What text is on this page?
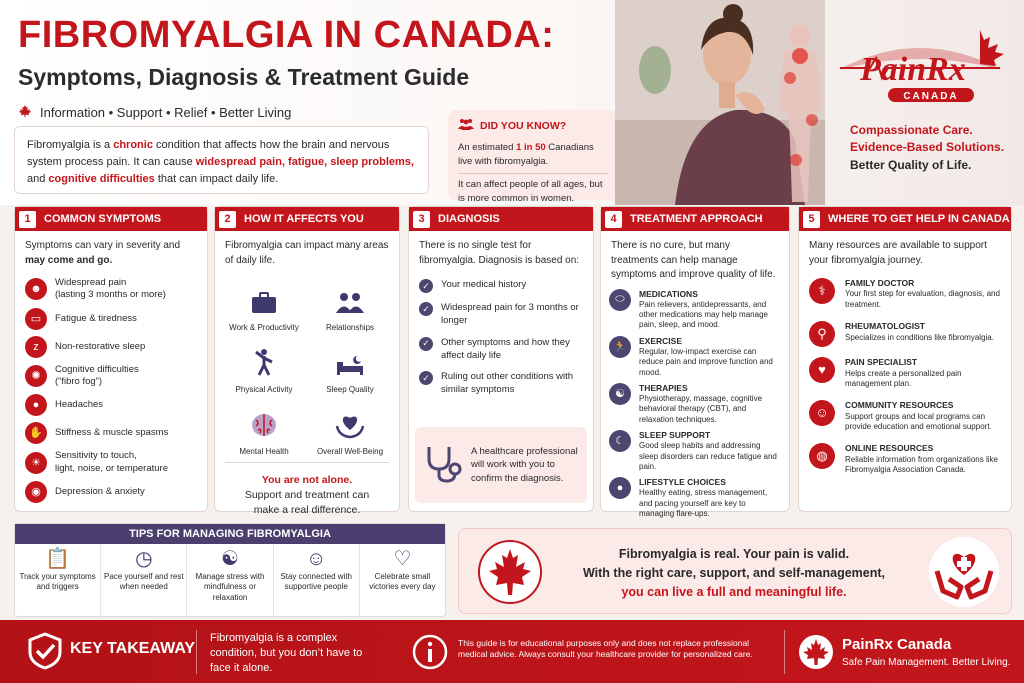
FIBROMYALGIA IN CANADA:
Symptoms, Diagnosis & Treatment Guide
Information • Support • Relief • Better Living
Fibromyalgia is a chronic condition that affects how the brain and nervous system process pain. It can cause widespread pain, fatigue, sleep problems, and cognitive difficulties that can impact daily life.
DID YOU KNOW?
An estimated 1 in 50 Canadians live with fibromyalgia.
It can affect people of all ages, but is more common in women.
PainRx
CANADA
Compassionate Care.
Evidence-Based Solutions.
Better Quality of Life.
1	COMMON SYMPTOMS
Symptoms can vary in severity and may come and go.
☻
Widespread pain
(lasting 3 months or more)
▭	Fatigue & tiredness
z	Non-restorative sleep
✺
Cognitive difficulties
(“fibro fog”)
●	Headaches
✋	Stiffness & muscle spasms
☀
Sensitivity to touch,
light, noise, or temperature
◉	Depression & anxiety
2	HOW IT AFFECTS YOU
Fibromyalgia can impact many areas of daily life.
Work & Productivity	Relationships
Physical Activity	Sleep Quality
Mental Health	Overall Well-Being
You are not alone.
Support and treatment can make a real difference.
3	DIAGNOSIS
There is no single test for fibromyalgia. Diagnosis is based on:
✓	Your medical history
✓	Widespread pain for 3 months or longer
✓	Other symptoms and how they affect daily life
✓	Ruling out other conditions with similar symptoms
A healthcare professional will work with you to confirm the diagnosis.
4	TREATMENT APPROACH
There is no cure, but many treatments can help manage symptoms and improve quality of life.
⬭	MEDICATIONS
Pain relievers, antidepressants, and other medications may help manage pain, sleep, and mood.
🏃	EXERCISE
Regular, low-impact exercise can reduce pain and improve function and mood.
☯	THERAPIES
Physiotherapy, massage, cognitive behavioral therapy (CBT), and relaxation techniques.
☾	SLEEP SUPPORT
Good sleep habits and addressing sleep disorders can reduce fatigue and pain.
●	LIFESTYLE CHOICES
Healthy eating, stress management, and pacing yourself are key to managing flare-ups.
5	WHERE TO GET HELP IN CANADA
Many resources are available to support your fibromyalgia journey.
⚕
FAMILY DOCTOR
Your first step for evaluation, diagnosis, and treatment.
⚲
RHEUMATOLOGIST
Specializes in conditions like fibromyalgia.
♥
PAIN SPECIALIST
Helps create a personalized pain management plan.
☺
COMMUNITY RESOURCES
Support groups and local programs can provide education and emotional support.
◍
ONLINE RESOURCES
Reliable information from organizations like Fibromyalgia Association Canada.
TIPS FOR MANAGING FIBROMYALGIA
📋
Track your symptoms and triggers
◷
Pace yourself and rest when needed
☯
Manage stress with mindfulness or relaxation
☺
Stay connected with supportive people
♡
Celebrate small victories every day
Fibromyalgia is real. Your pain is valid.
With the right care, support, and self-management,
you can live a full and meaningful life.
KEY TAKEAWAY
Fibromyalgia is a complex condition, but you don’t have to face it alone.
This guide is for educational purposes only and does not replace professional medical advice. Always consult your healthcare provider for personalized care.
PainRx Canada
Safe Pain Management. Better Living.
